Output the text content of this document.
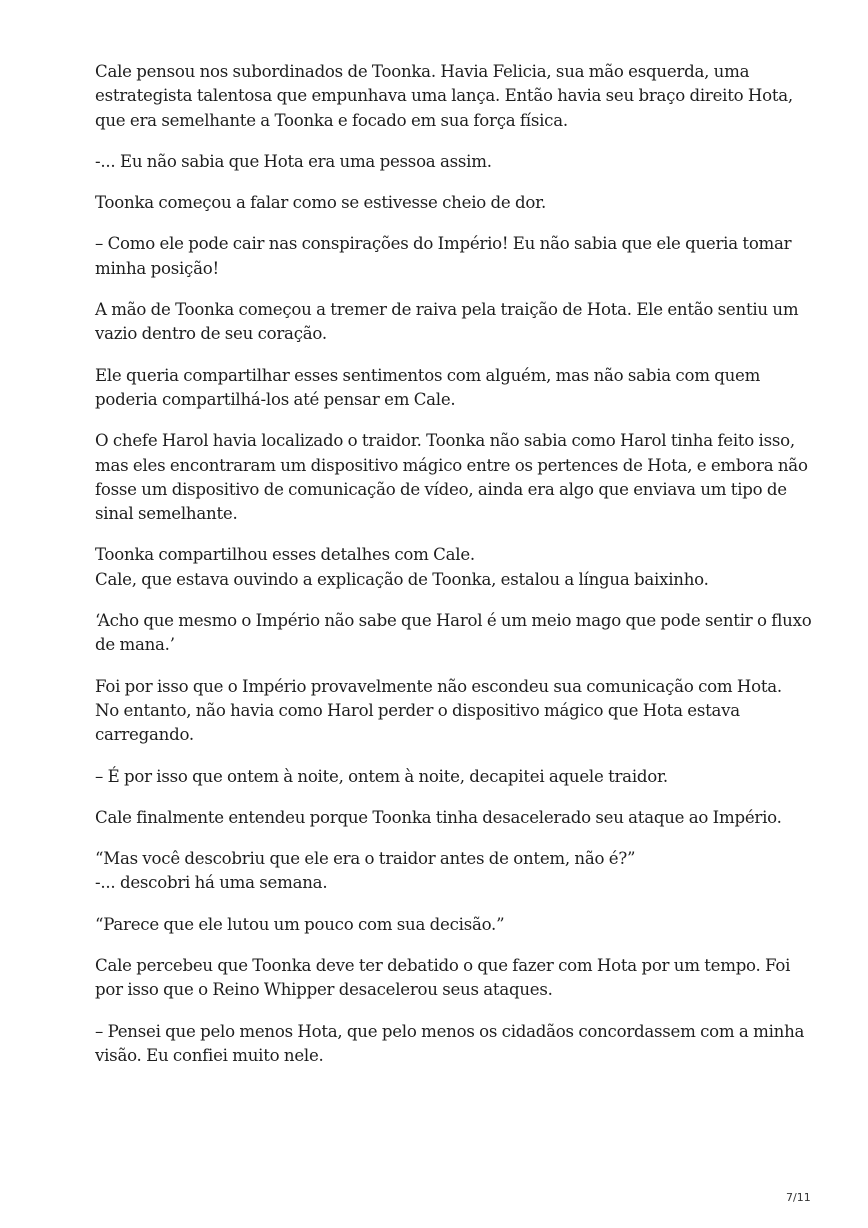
Cale pensou nos subordinados de Toonka. Havia Felicia, sua mão esquerda, uma
estrategista talentosa que empunhava uma lança. Então havia seu braço direito Hota,
que era semelhante a Toonka e focado em sua força física.

-... Eu não sabia que Hota era uma pessoa assim.

Toonka começou a falar como se estivesse cheio de dor.

– Como ele pode cair nas conspirações do Império! Eu não sabia que ele queria tomar
minha posição!

A mão de Toonka começou a tremer de raiva pela traição de Hota. Ele então sentiu um
vazio dentro de seu coração.

Ele queria compartilhar esses sentimentos com alguém, mas não sabia com quem
poderia compartilhá-los até pensar em Cale.

O chefe Harol havia localizado o traidor. Toonka não sabia como Harol tinha feito isso,
mas eles encontraram um dispositivo mágico entre os pertences de Hota, e embora não
fosse um dispositivo de comunicação de vídeo, ainda era algo que enviava um tipo de
sinal semelhante.

Toonka compartilhou esses detalhes com Cale.
Cale, que estava ouvindo a explicação de Toonka, estalou a língua baixinho.

‘Acho que mesmo o Império não sabe que Harol é um meio mago que pode sentir o fluxo
de mana.’

Foi por isso que o Império provavelmente não escondeu sua comunicação com Hota.
No entanto, não havia como Harol perder o dispositivo mágico que Hota estava
carregando.

– É por isso que ontem à noite, ontem à noite, decapitei aquele traidor.

Cale finalmente entendeu porque Toonka tinha desacelerado seu ataque ao Império.

“Mas você descobriu que ele era o traidor antes de ontem, não é?”
-... descobri há uma semana.

“Parece que ele lutou um pouco com sua decisão.”

Cale percebeu que Toonka deve ter debatido o que fazer com Hota por um tempo. Foi
por isso que o Reino Whipper desacelerou seus ataques.

– Pensei que pelo menos Hota, que pelo menos os cidadãos concordassem com a minha
visão. Eu confiei muito nele.

7/11
